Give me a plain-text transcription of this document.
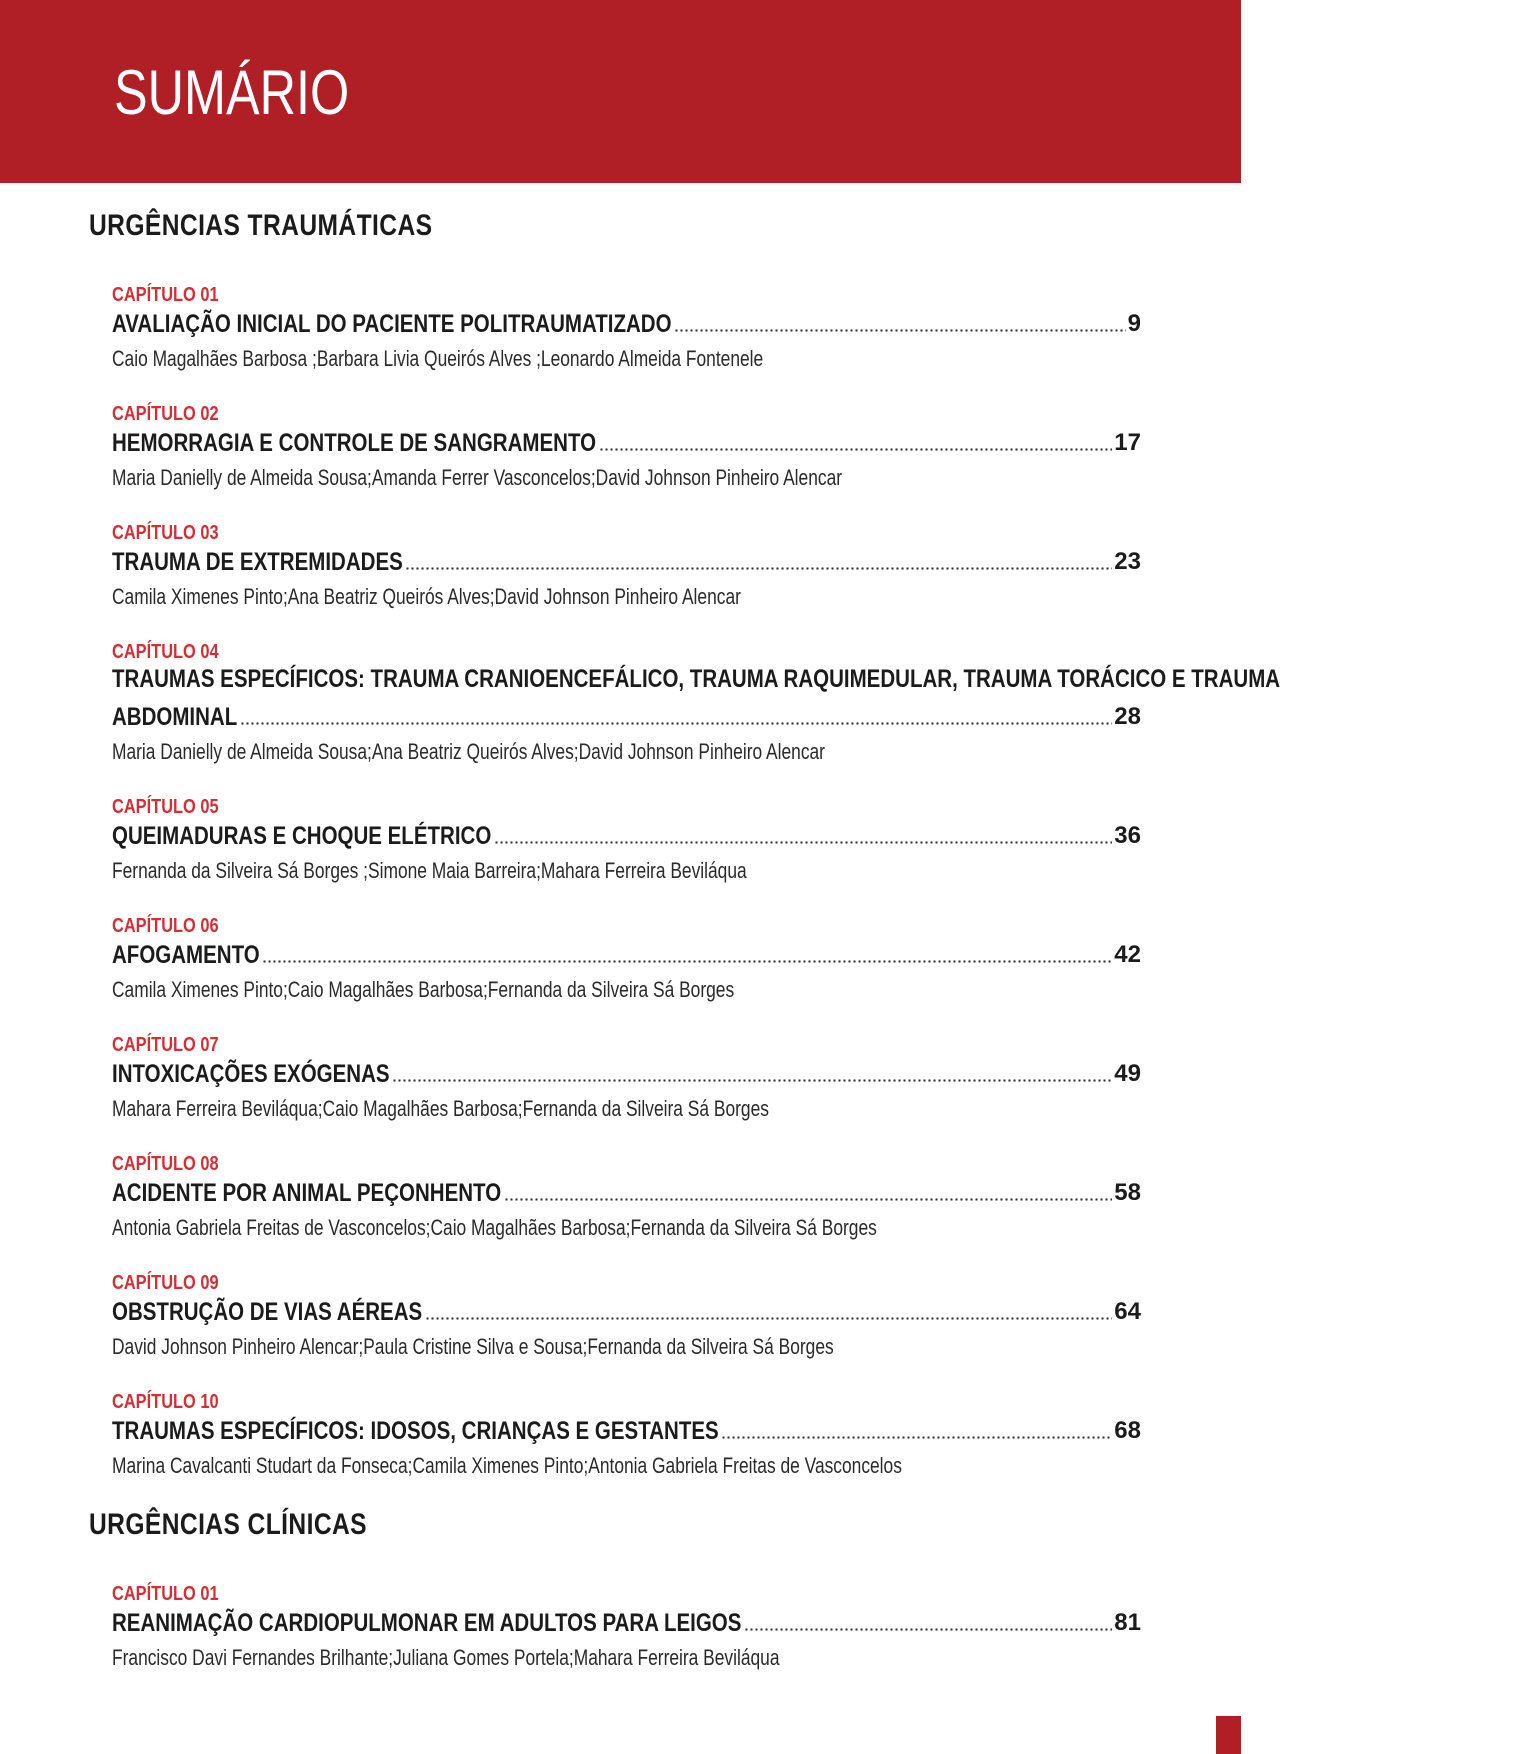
SUMÁRIO
URGÊNCIAS TRAUMÁTICAS
CAPÍTULO 01
AVALIAÇÃO INICIAL DO PACIENTE POLITRAUMATIZADO	9
Caio Magalhães Barbosa ;Barbara Livia Queirós Alves ;Leonardo Almeida Fontenele
CAPÍTULO 02
HEMORRAGIA E CONTROLE DE SANGRAMENTO	17
Maria Danielly de Almeida Sousa;Amanda Ferrer Vasconcelos;David Johnson Pinheiro Alencar
CAPÍTULO 03
TRAUMA DE EXTREMIDADES	23
Camila Ximenes Pinto;Ana Beatriz Queirós Alves;David Johnson Pinheiro Alencar
CAPÍTULO 04
TRAUMAS ESPECÍFICOS: TRAUMA CRANIOENCEFÁLICO, TRAUMA RAQUIMEDULAR, TRAUMA TORÁCICO E TRAUMA
ABDOMINAL	28
Maria Danielly de Almeida Sousa;Ana Beatriz Queirós Alves;David Johnson Pinheiro Alencar
CAPÍTULO 05
QUEIMADURAS E CHOQUE ELÉTRICO	36
Fernanda da Silveira Sá Borges ;Simone Maia Barreira;Mahara Ferreira Beviláqua
CAPÍTULO 06
AFOGAMENTO	42
Camila Ximenes Pinto;Caio Magalhães Barbosa;Fernanda da Silveira Sá Borges
CAPÍTULO 07
INTOXICAÇÕES EXÓGENAS	49
Mahara Ferreira Beviláqua;Caio Magalhães Barbosa;Fernanda da Silveira Sá Borges
CAPÍTULO 08
ACIDENTE POR ANIMAL PEÇONHENTO	58
Antonia Gabriela Freitas de Vasconcelos;Caio Magalhães Barbosa;Fernanda da Silveira Sá Borges
CAPÍTULO 09
OBSTRUÇÃO DE VIAS AÉREAS	64
David Johnson Pinheiro Alencar;Paula Cristine Silva e Sousa;Fernanda da Silveira Sá Borges
CAPÍTULO 10
TRAUMAS ESPECÍFICOS: IDOSOS, CRIANÇAS E GESTANTES	68
Marina Cavalcanti Studart da Fonseca;Camila Ximenes Pinto;Antonia Gabriela Freitas de Vasconcelos
URGÊNCIAS CLÍNICAS
CAPÍTULO 01
REANIMAÇÃO CARDIOPULMONAR EM ADULTOS PARA LEIGOS	81
Francisco Davi Fernandes Brilhante;Juliana Gomes Portela;Mahara Ferreira Beviláqua
